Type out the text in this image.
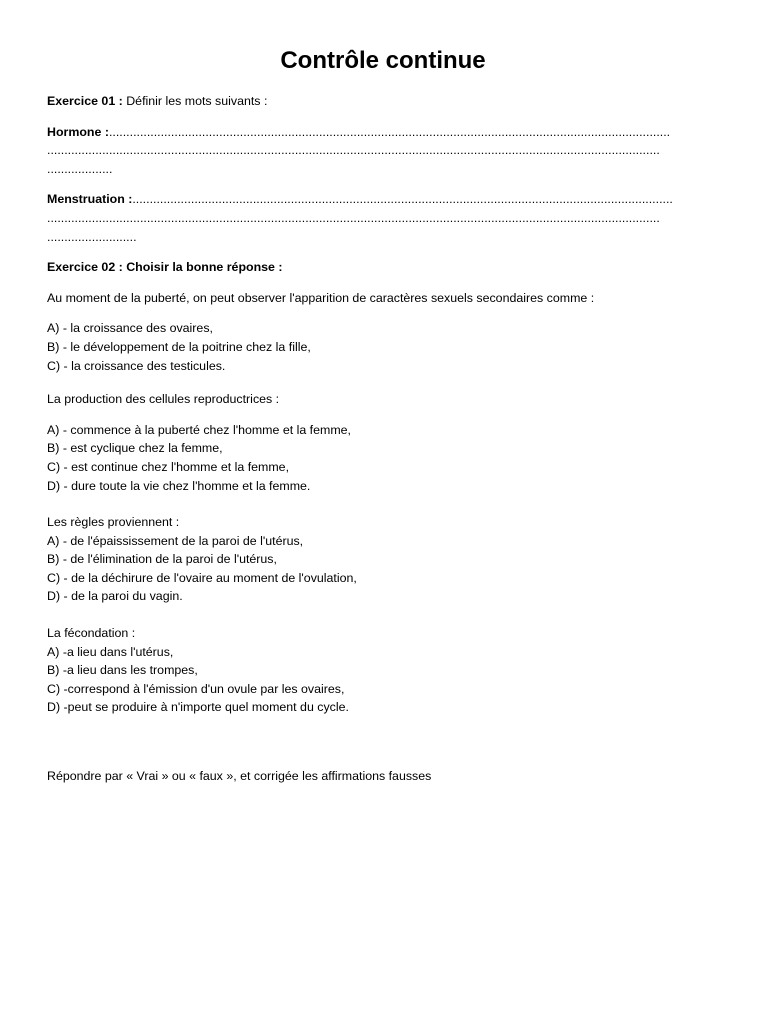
Contrôle continue

Exercice 01 : Définir les mots suivants :

Hormone : ...................................................................................................................................................................
..................................................................................................................................................................................
...................
Menstruation : .............................................................................................................................................................
..................................................................................................................................................................................
..........................

Exercice 02 : Choisir la bonne réponse :

Au moment de la puberté, on peut observer l'apparition de caractères sexuels secondaires comme :

A) - la croissance des ovaires,

B) - le développement de la poitrine chez la fille,

C) - la croissance des testicules.

La production des cellules reproductrices :

A) - commence à la puberté chez l'homme et la femme,

B) - est cyclique chez la femme,

C) - est continue chez l'homme et la femme,

D) - dure toute la vie chez l'homme et la femme.

Les règles proviennent :

A) - de l'épaississement de la paroi de l'utérus,

B) - de l'élimination de la paroi de l'utérus,

C) - de la déchirure de l'ovaire au moment de l'ovulation,

D) - de la paroi du vagin.

La fécondation :

A) -a lieu dans l'utérus,

B) -a lieu dans les trompes,

C) -correspond à l'émission d'un ovule par les ovaires,

D) -peut se produire à n'importe quel moment du cycle.

Répondre par « Vrai » ou « faux », et corrigée les affirmations fausses
